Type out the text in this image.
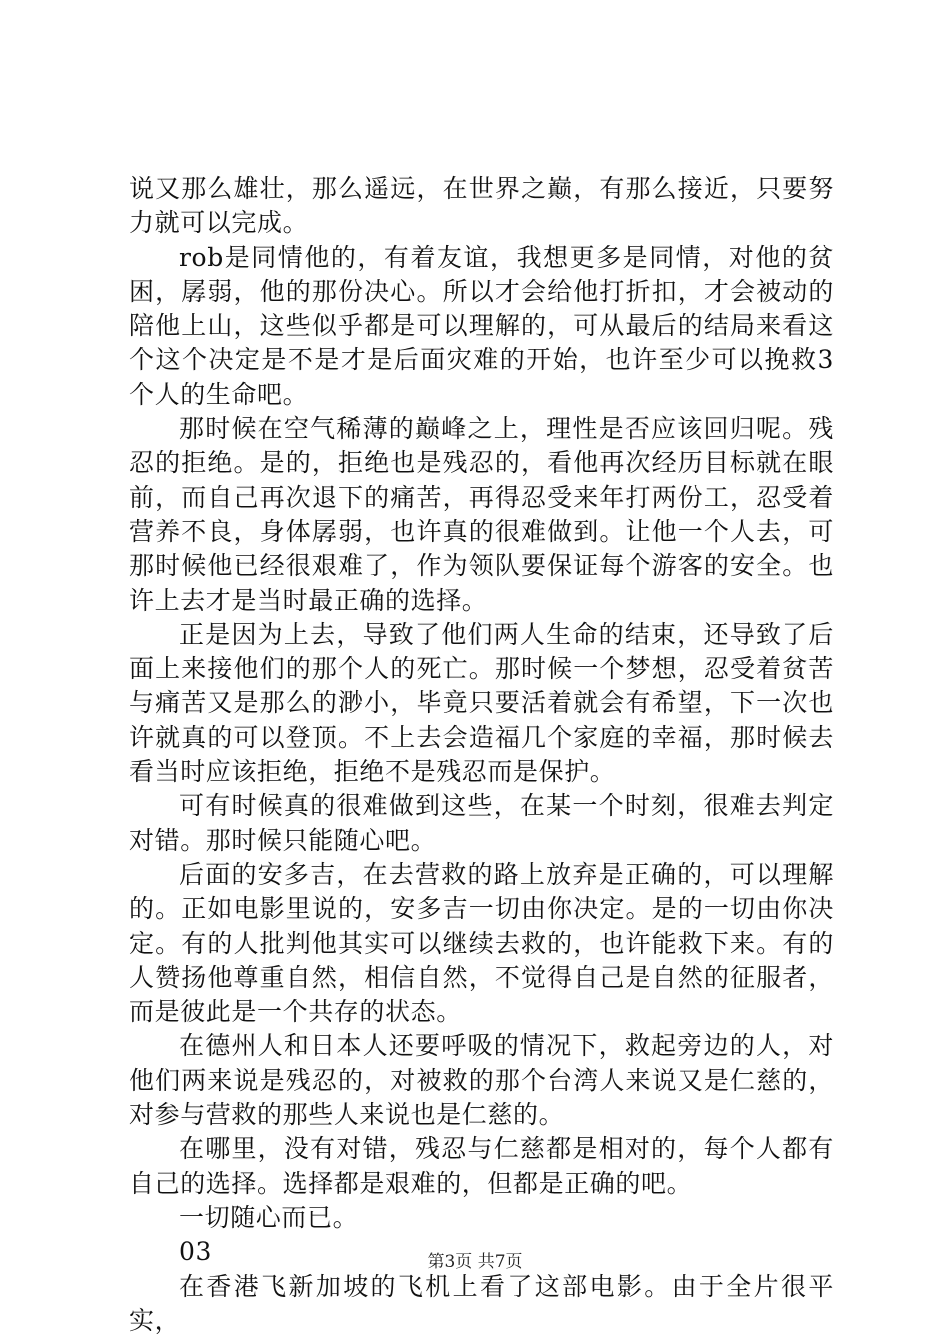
说又那么雄壮，那么遥远，在世界之巅，有那么接近，只要努力就可以完成。

rob是同情他的，有着友谊，我想更多是同情，对他的贫困，孱弱，他的那份决心。所以才会给他打折扣，才会被动的陪他上山，这些似乎都是可以理解的，可从最后的结局来看这个这个决定是不是才是后面灾难的开始，也许至少可以挽救3个人的生命吧。

那时候在空气稀薄的巅峰之上，理性是否应该回归呢。残忍的拒绝。是的，拒绝也是残忍的，看他再次经历目标就在眼前，而自己再次退下的痛苦，再得忍受来年打两份工，忍受着营养不良，身体孱弱，也许真的很难做到。让他一个人去，可那时候他已经很艰难了，作为领队要保证每个游客的安全。也许上去才是当时最正确的选择。

正是因为上去，导致了他们两人生命的结束，还导致了后面上来接他们的那个人的死亡。那时候一个梦想，忍受着贫苦与痛苦又是那么的渺小，毕竟只要活着就会有希望，下一次也许就真的可以登顶。不上去会造福几个家庭的幸福，那时候去看当时应该拒绝，拒绝不是残忍而是保护。

可有时候真的很难做到这些，在某一个时刻，很难去判定对错。那时候只能随心吧。

后面的安多吉，在去营救的路上放弃是正确的，可以理解的。正如电影里说的，安多吉一切由你决定。是的一切由你决定。有的人批判他其实可以继续去救的，也许能救下来。有的人赞扬他尊重自然，相信自然，不觉得自己是自然的征服者，而是彼此是一个共存的状态。

在德州人和日本人还要呼吸的情况下，救起旁边的人，对他们两来说是残忍的，对被救的那个台湾人来说又是仁慈的，对参与营救的那些人来说也是仁慈的。

在哪里，没有对错，残忍与仁慈都是相对的，每个人都有自己的选择。选择都是艰难的，但都是正确的吧。

一切随心而已。

03

在香港飞新加坡的飞机上看了这部电影。由于全片很平实，

第3页 共7页
